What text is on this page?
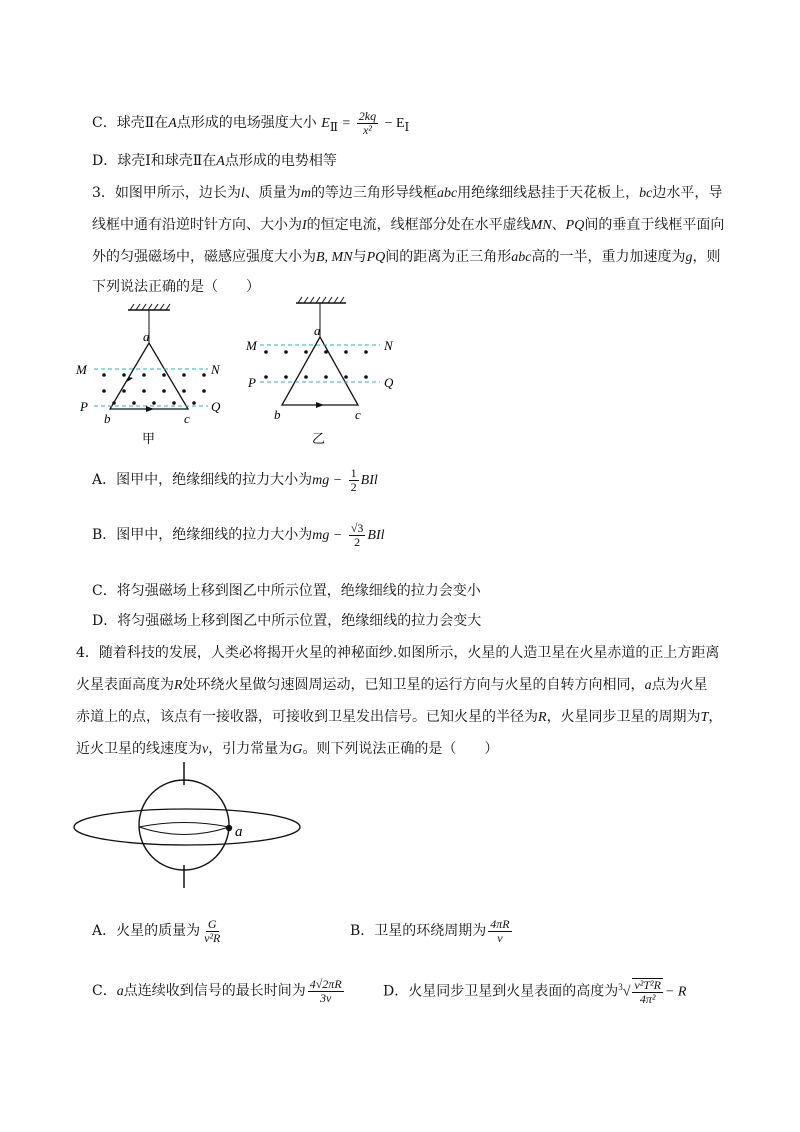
C．球壳Ⅱ在A点形成的电场强度大小 $E_Ⅱ = \frac{2kq}{\text{x²}} - E_Ⅰ$
D．球壳Ⅰ和球壳Ⅱ在A点形成的电势相等
3．如图甲所示，边长为l、质量为m的等边三角形导线框abc用绝缘细线悬挂于天花板上，bc边水平，导
线框中通有沿逆时针方向、大小为I的恒定电流，线框部分处在水平虚线MN、PQ间的垂直于线框平面向
外的匀强磁场中，磁感应强度大小为B, MN与PQ间的距离为正三角形abc高的一半，重力加速度为g，则
下列说法正确的是（　　）
a
M	N
P	Q
b	c
甲
a
M	N
P	Q
b	c
乙
A．图甲中，绝缘细线的拉力大小为mg − $\frac{1}{2}$ BIl
B．图甲中，绝缘细线的拉力大小为mg − $\frac{√3}{2}$ BIl
C．将匀强磁场上移到图乙中所示位置，绝缘细线的拉力会变小
D．将匀强磁场上移到图乙中所示位置，绝缘细线的拉力会变大
4．随着科技的发展，人类必将揭开火星的神秘面纱.如图所示，火星的人造卫星在火星赤道的正上方距离
火星表面高度为R处环绕火星做匀速圆周运动，已知卫星的运行方向与火星的自转方向相同，a点为火星
赤道上的点，该点有一接收器，可接收到卫星发出信号。已知火星的半径为R，火星同步卫星的周期为T，
近火卫星的线速度为v，引力常量为G。则下列说法正确的是（　　）
a
A．火星的质量为 $\frac{G}{\text{v²R}}$	B．卫星的环绕周期为 $\frac{4\pi R}{v}$
C．a点连续收到信号的最长时间为 $\frac{4√2\pi R}{3v}$	D．火星同步卫星到火星表面的高度为$^3√ \frac{\text{v²T²R}}{\text{4π²}} - R$
